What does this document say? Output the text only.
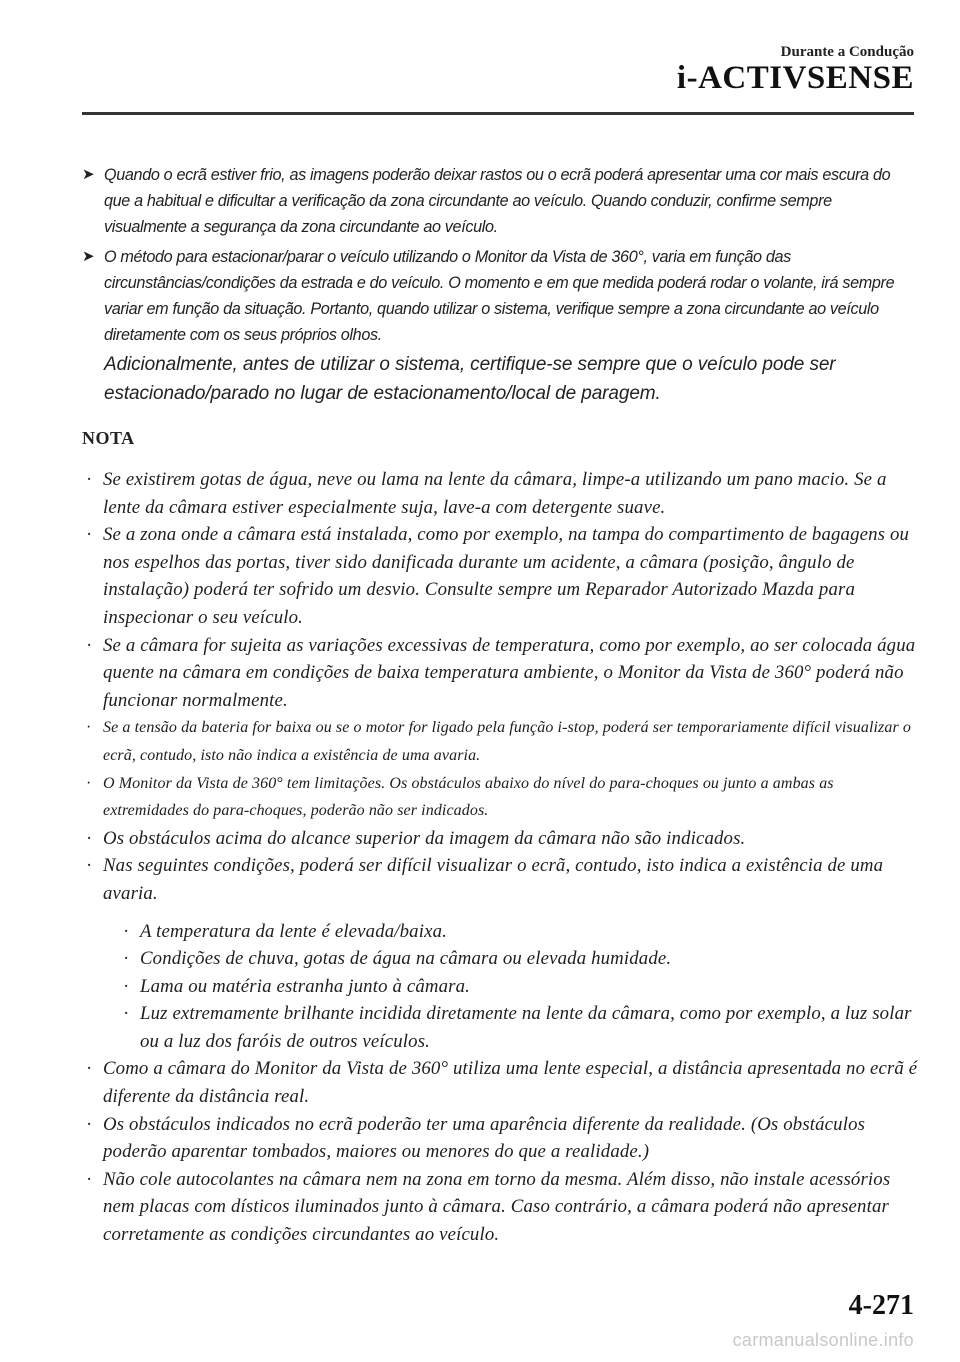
Durante a Condução
i-ACTIVSENSE
➤ Quando o ecrã estiver frio, as imagens poderão deixar rastos ou o ecrã poderá apresentar uma cor mais escura do que a habitual e dificultar a verificação da zona circundante ao veículo. Quando conduzir, confirme sempre visualmente a segurança da zona circundante ao veículo.
➤ O método para estacionar/parar o veículo utilizando o Monitor da Vista de 360°, varia em função das circunstâncias/condições da estrada e do veículo. O momento e em que medida poderá rodar o volante, irá sempre variar em função da situação. Portanto, quando utilizar o sistema, verifique sempre a zona circundante ao veículo diretamente com os seus próprios olhos.
Adicionalmente, antes de utilizar o sistema, certifique-se sempre que o veículo pode ser estacionado/parado no lugar de estacionamento/local de paragem.
NOTA
· Se existirem gotas de água, neve ou lama na lente da câmara, limpe-a utilizando um pano macio. Se a lente da câmara estiver especialmente suja, lave-a com detergente suave.
· Se a zona onde a câmara está instalada, como por exemplo, na tampa do compartimento de bagagens ou nos espelhos das portas, tiver sido danificada durante um acidente, a câmara (posição, ângulo de instalação) poderá ter sofrido um desvio. Consulte sempre um Reparador Autorizado Mazda para inspecionar o seu veículo.
· Se a câmara for sujeita as variações excessivas de temperatura, como por exemplo, ao ser colocada água quente na câmara em condições de baixa temperatura ambiente, o Monitor da Vista de 360° poderá não funcionar normalmente.
· Se a tensão da bateria for baixa ou se o motor for ligado pela função i-stop, poderá ser temporariamente difícil visualizar o ecrã, contudo, isto não indica a existência de uma avaria.
· O Monitor da Vista de 360° tem limitações. Os obstáculos abaixo do nível do para-choques ou junto a ambas as extremidades do para-choques, poderão não ser indicados.
· Os obstáculos acima do alcance superior da imagem da câmara não são indicados.
· Nas seguintes condições, poderá ser difícil visualizar o ecrã, contudo, isto indica a existência de uma avaria.
· A temperatura da lente é elevada/baixa.
· Condições de chuva, gotas de água na câmara ou elevada humidade.
· Lama ou matéria estranha junto à câmara.
· Luz extremamente brilhante incidida diretamente na lente da câmara, como por exemplo, a luz solar ou a luz dos faróis de outros veículos.
· Como a câmara do Monitor da Vista de 360° utiliza uma lente especial, a distância apresentada no ecrã é diferente da distância real.
· Os obstáculos indicados no ecrã poderão ter uma aparência diferente da realidade. (Os obstáculos poderão aparentar tombados, maiores ou menores do que a realidade.)
· Não cole autocolantes na câmara nem na zona em torno da mesma. Além disso, não instale acessórios nem placas com dísticos iluminados junto à câmara. Caso contrário, a câmara poderá não apresentar corretamente as condições circundantes ao veículo.
4-271
carmanualsonline.info
